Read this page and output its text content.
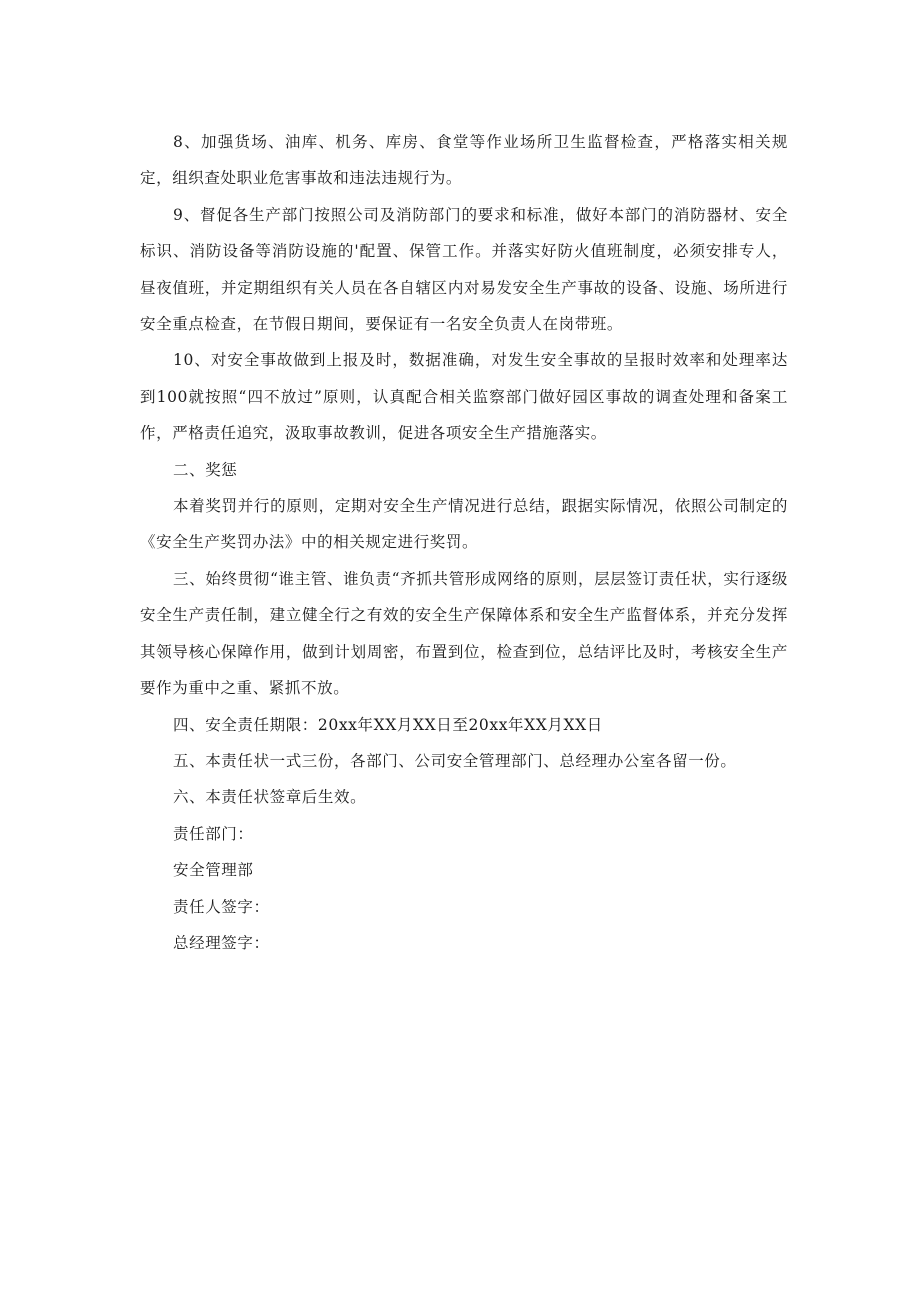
8、加强货场、油库、机务、库房、食堂等作业场所卫生监督检查，严格落实相关规定，组织查处职业危害事故和违法违规行为。

9、督促各生产部门按照公司及消防部门的要求和标准，做好本部门的消防器材、安全标识、消防设备等消防设施的'配置、保管工作。并落实好防火值班制度，必须安排专人，昼夜值班，并定期组织有关人员在各自辖区内对易发安全生产事故的设备、设施、场所进行安全重点检查，在节假日期间，要保证有一名安全负责人在岗带班。

10、对安全事故做到上报及时，数据准确，对发生安全事故的呈报时效率和处理率达到100就按照“四不放过”原则，认真配合相关监察部门做好园区事故的调查处理和备案工作，严格责任追究，汲取事故教训，促进各项安全生产措施落实。

二、奖惩

本着奖罚并行的原则，定期对安全生产情况进行总结，跟据实际情况，依照公司制定的《安全生产奖罚办法》中的相关规定进行奖罚。

三、始终贯彻“谁主管、谁负责“齐抓共管形成网络的原则，层层签订责任状，实行逐级安全生产责任制，建立健全行之有效的安全生产保障体系和安全生产监督体系，并充分发挥其领导核心保障作用，做到计划周密，布置到位，检查到位，总结评比及时，考核安全生产要作为重中之重、紧抓不放。

四、安全责任期限：20xx年XX月XX日至20xx年XX月XX日

五、本责任状一式三份，各部门、公司安全管理部门、总经理办公室各留一份。

六、本责任状签章后生效。

责任部门：

安全管理部

责任人签字：

总经理签字：
